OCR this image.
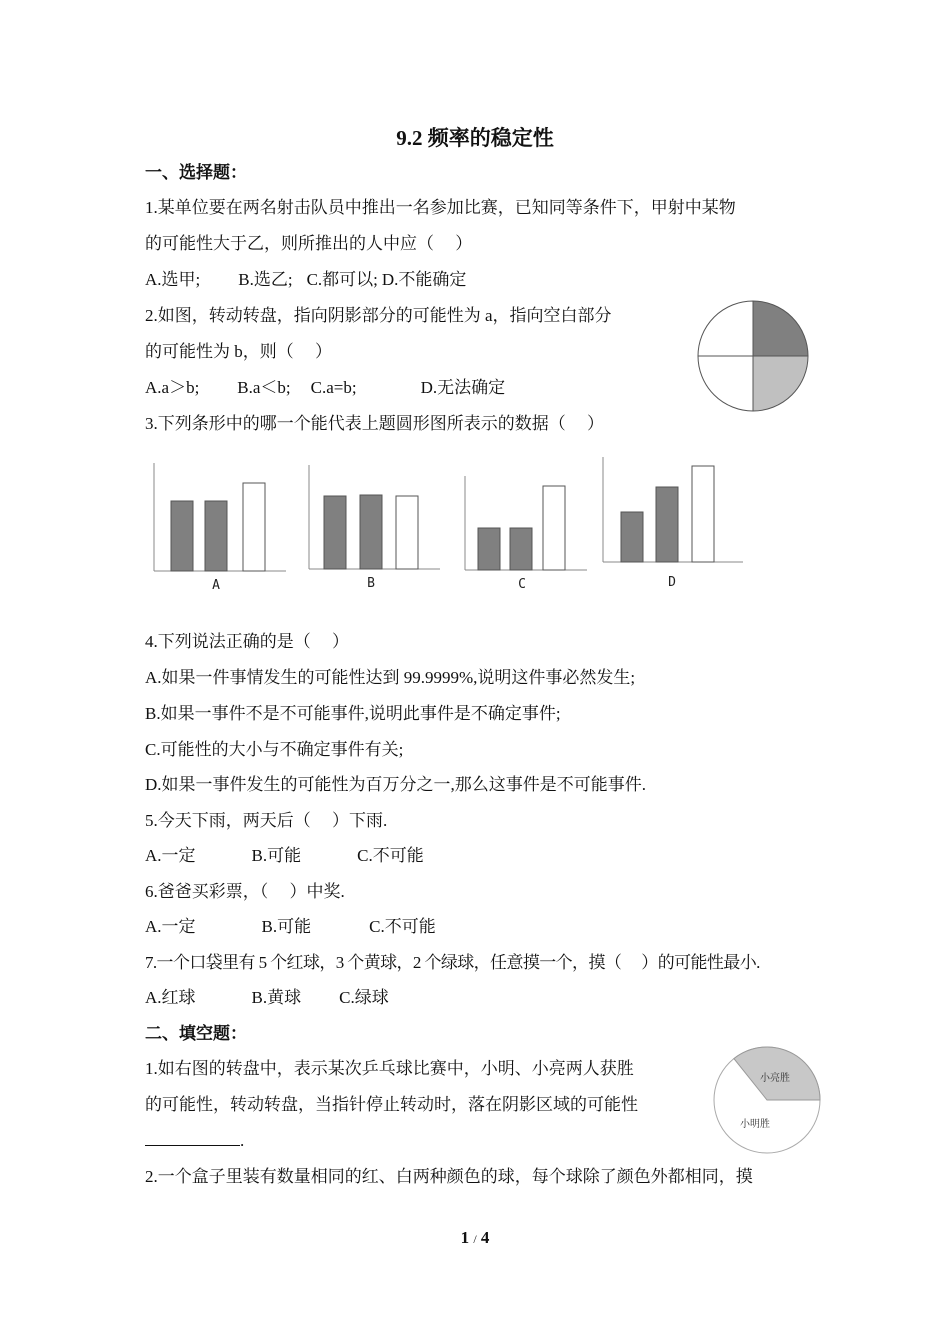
9.2 频率的稳定性
一、选择题：
1.某单位要在两名射击队员中推出一名参加比赛，已知同等条件下，甲射中某物
的可能性大于乙，则所推出的人中应（　 ）
A.选甲; B.选乙; C.都可以; D.不能确定
2.如图，转动转盘，指向阴影部分的可能性为 a，指向空白部分
的可能性为 b，则（　 ）
A.a＞b; B.a＜b; C.a=b;	D.无法确定
3.下列条形中的哪一个能代表上题圆形图所表示的数据（　 ）
A	B	C	D
4.下列说法正确的是（　 ）
A.如果一件事情发生的可能性达到 99.9999%,说明这件事必然发生;
B.如果一事件不是不可能事件,说明此事件是不确定事件;
C.可能性的大小与不确定事件有关;
D.如果一事件发生的可能性为百万分之一,那么这事件是不可能事件.
5.今天下雨，两天后（　 ）下雨.
A.一定	B.可能	C.不可能
6.爸爸买彩票，（　 ）中奖.
A.一定	B.可能	C.不可能
7.一个口袋里有 5 个红球，3 个黄球，2 个绿球，任意摸一个，摸（　 ）的可能性最小.
A.红球	B.黄球 C.绿球
二、填空题：
1.如右图的转盘中，表示某次乒乓球比赛中，小明、小亮两人获胜
的可能性，转动转盘，当指针停止转动时，落在阴影区域的可能性
.
小亮胜
小明胜
2.一个盒子里装有数量相同的红、白两种颜色的球，每个球除了颜色外都相同，摸
1 / 4
